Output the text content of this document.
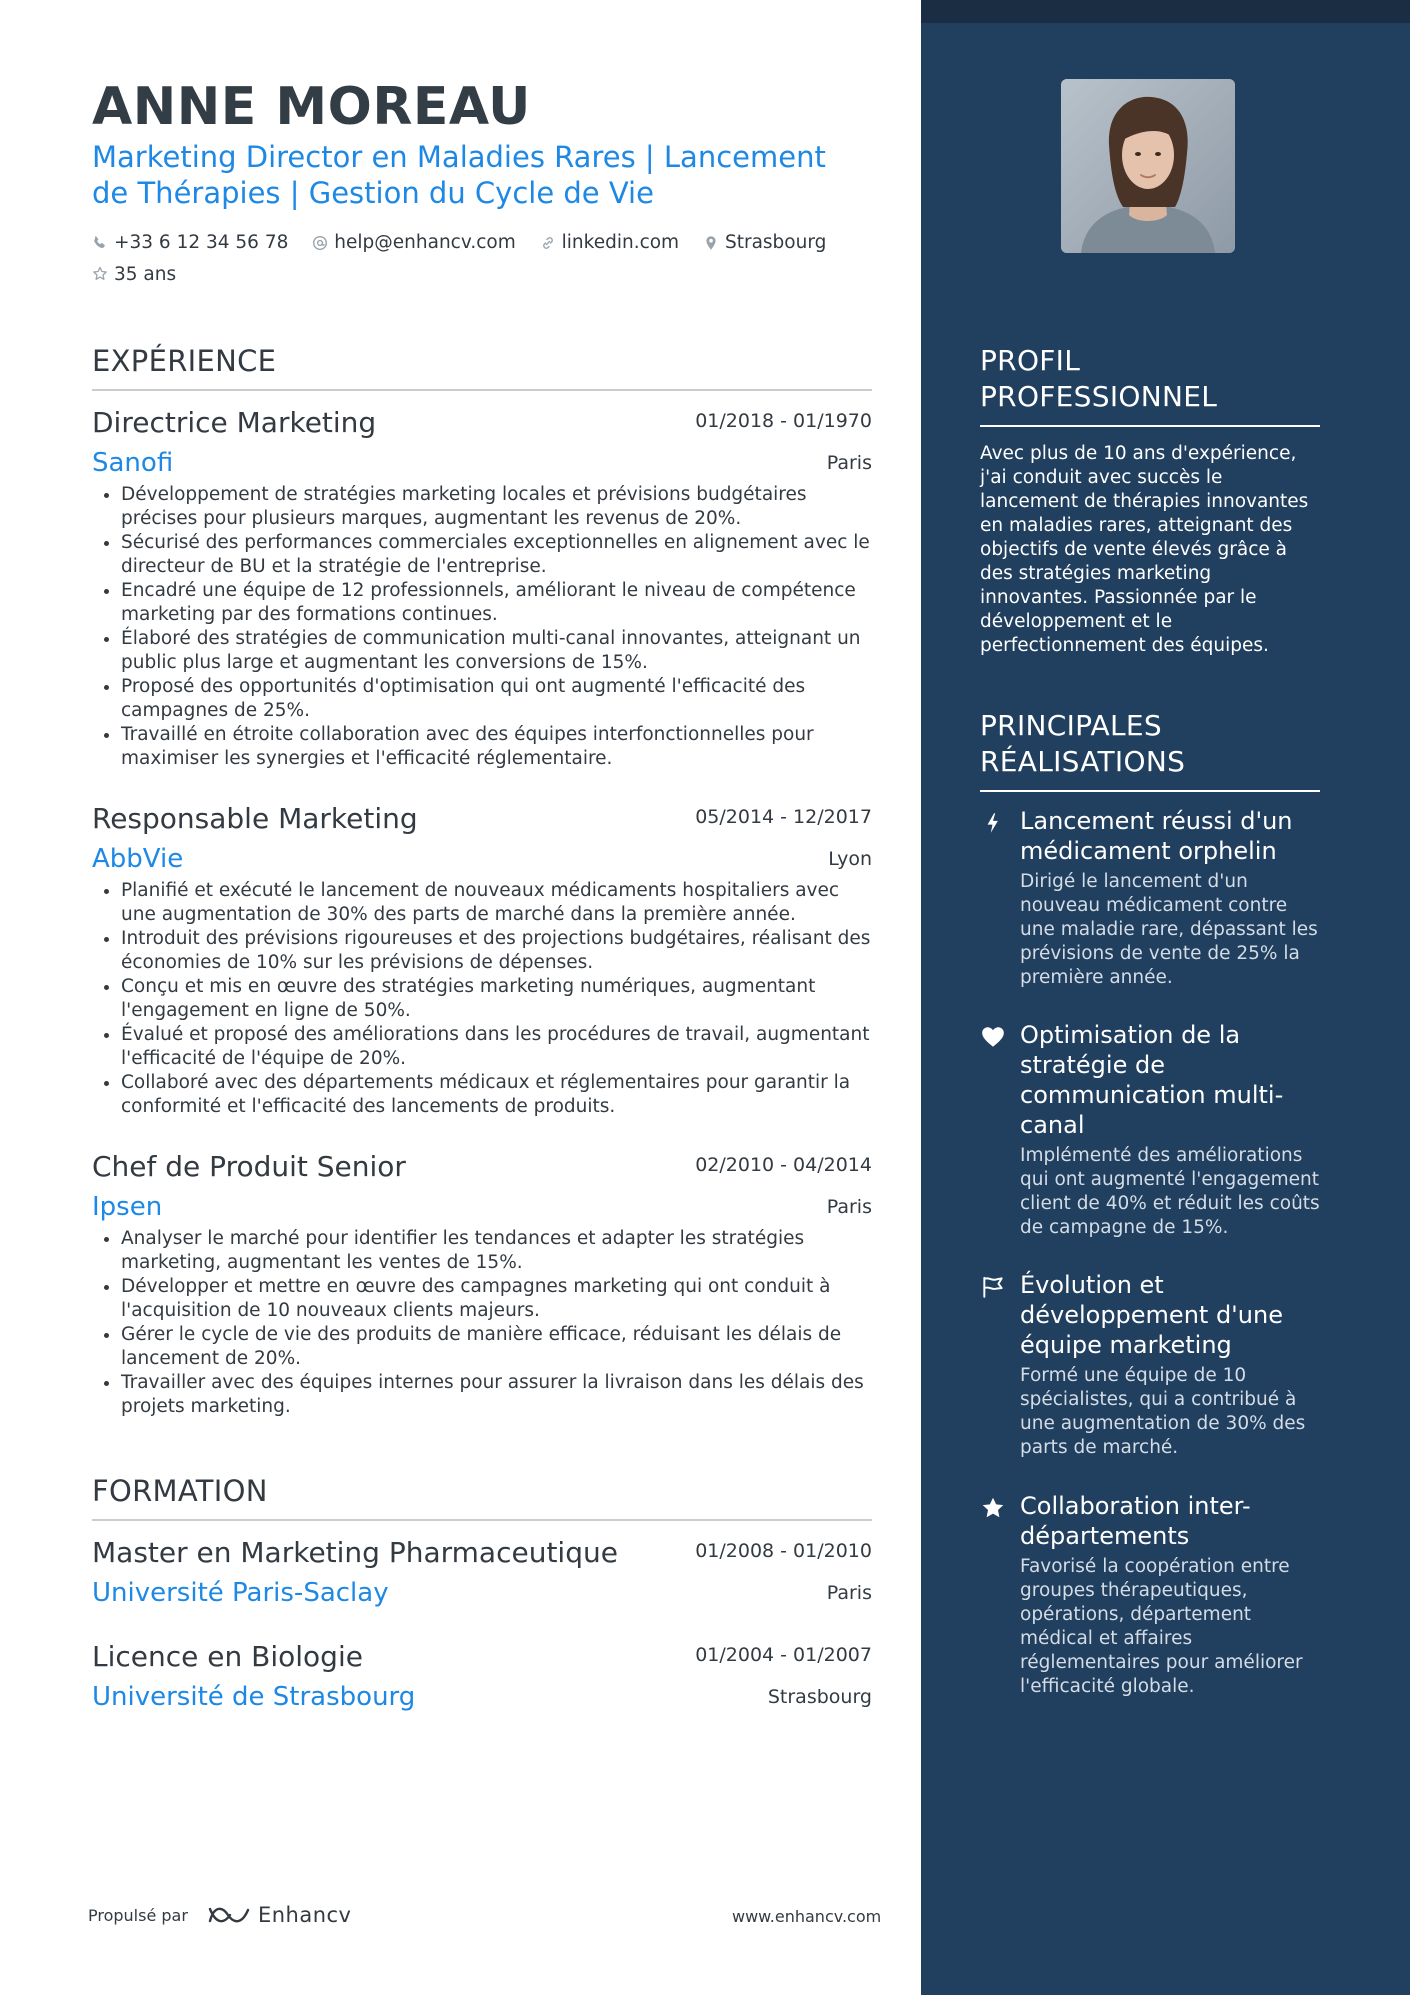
ANNE MOREAU
Marketing Director en Maladies Rares | Lancement de Thérapies | Gestion du Cycle de Vie
+33 6 12 34 56 78
help@enhancv.com
linkedin.com
Strasbourg

35 ans
EXPÉRIENCE
Directrice Marketing	01/2018 - 01/1970
Sanofi	Paris
• Développement de stratégies marketing locales et prévisions budgétaires précises pour plusieurs marques, augmentant les revenus de 20%.
• Sécurisé des performances commerciales exceptionnelles en alignement avec le directeur de BU et la stratégie de l'entreprise.
• Encadré une équipe de 12 professionnels, améliorant le niveau de compétence marketing par des formations continues.
• Élaboré des stratégies de communication multi-canal innovantes, atteignant un public plus large et augmentant les conversions de 15%.
• Proposé des opportunités d'optimisation qui ont augmenté l'efficacité des campagnes de 25%.
• Travaillé en étroite collaboration avec des équipes interfonctionnelles pour maximiser les synergies et l'efficacité réglementaire.
Responsable Marketing	05/2014 - 12/2017
AbbVie	Lyon
• Planifié et exécuté le lancement de nouveaux médicaments hospitaliers avec une augmentation de 30% des parts de marché dans la première année.
• Introduit des prévisions rigoureuses et des projections budgétaires, réalisant des économies de 10% sur les prévisions de dépenses.
• Conçu et mis en œuvre des stratégies marketing numériques, augmentant l'engagement en ligne de 50%.
• Évalué et proposé des améliorations dans les procédures de travail, augmentant l'efficacité de l'équipe de 20%.
• Collaboré avec des départements médicaux et réglementaires pour garantir la conformité et l'efficacité des lancements de produits.
Chef de Produit Senior	02/2010 - 04/2014
Ipsen	Paris
• Analyser le marché pour identifier les tendances et adapter les stratégies marketing, augmentant les ventes de 15%.
• Développer et mettre en œuvre des campagnes marketing qui ont conduit à l'acquisition de 10 nouveaux clients majeurs.
• Gérer le cycle de vie des produits de manière efficace, réduisant les délais de lancement de 20%.
• Travailler avec des équipes internes pour assurer la livraison dans les délais des projets marketing.
FORMATION
Master en Marketing Pharmaceutique	01/2008 - 01/2010
Université Paris-Saclay	Paris
Licence en Biologie	01/2004 - 01/2007
Université de Strasbourg	Strasbourg
Propulsé par	Enhancv	www.enhancv.com
PROFIL PROFESSIONNEL

Avec plus de 10 ans d'expérience, j'ai conduit avec succès le lancement de thérapies innovantes en maladies rares, atteignant des objectifs de vente élevés grâce à des stratégies marketing innovantes. Passionnée par le développement et le perfectionnement des équipes.

PRINCIPALES RÉALISATIONS

Lancement réussi d'un médicament orphelin

Dirigé le lancement d'un nouveau médicament contre une maladie rare, dépassant les prévisions de vente de 25% la première année.

Optimisation de la stratégie de communication multi-canal

Implémenté des améliorations qui ont augmenté l'engagement client de 40% et réduit les coûts de campagne de 15%.

Évolution et développement d'une équipe marketing

Formé une équipe de 10 spécialistes, qui a contribué à une augmentation de 30% des parts de marché.

Collaboration inter-départements

Favorisé la coopération entre groupes thérapeutiques, opérations, département médical et affaires réglementaires pour améliorer l'efficacité globale.
